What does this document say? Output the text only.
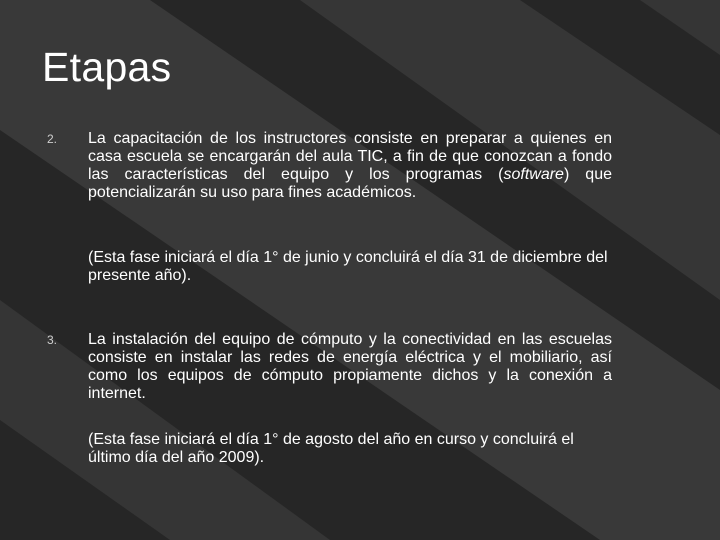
Etapas
2. La capacitación de los instructores consiste en preparar a quienes en casa escuela se encargarán del aula TIC, a fin de que conozcan a fondo las características del equipo y los programas (software) que potencializarán su uso para fines académicos.

(Esta fase iniciará el día 1° de junio y concluirá el día 31 de diciembre del presente año).

3. La instalación del equipo de cómputo y la conectividad en las escuelas consiste en instalar las redes de energía eléctrica y el mobiliario, así como los equipos de cómputo propiamente dichos y la conexión a internet.

(Esta fase iniciará el día 1° de agosto del año en curso y concluirá el último día del año 2009).
